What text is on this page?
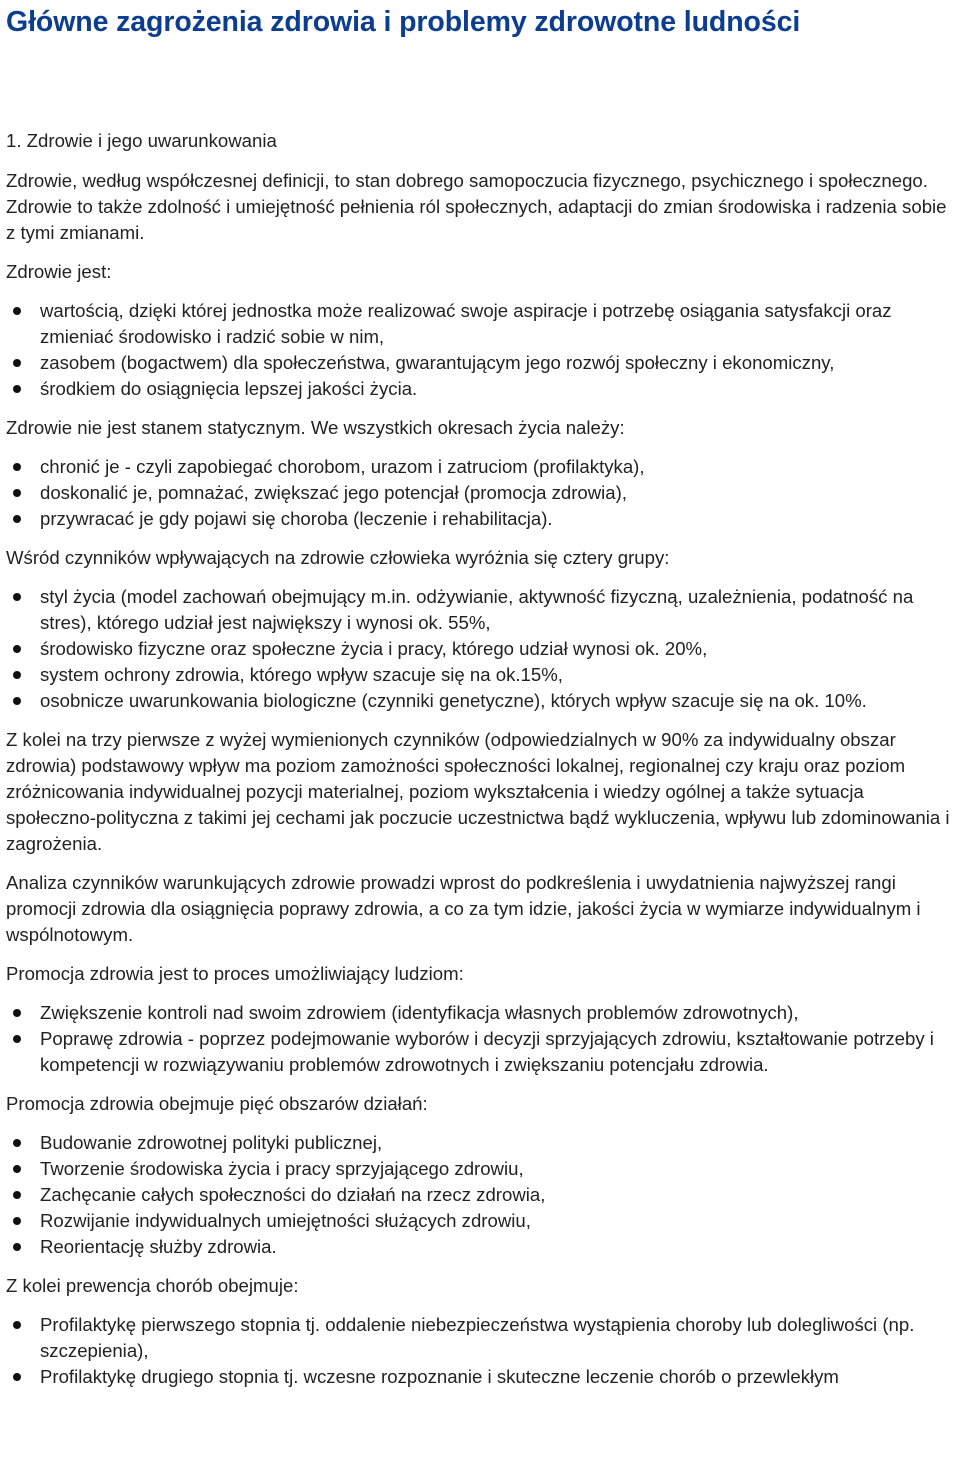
Główne zagrożenia zdrowia i problemy zdrowotne ludności
1. Zdrowie i jego uwarunkowania

Zdrowie, według współczesnej definicji, to stan dobrego samopoczucia fizycznego, psychicznego i społecznego. Zdrowie to także zdolność i umiejętność pełnienia ról społecznych, adaptacji do zmian środowiska i radzenia sobie z tymi zmianami.

Zdrowie jest:

wartością, dzięki której jednostka może realizować swoje aspiracje i potrzebę osiągania satysfakcji oraz zmieniać środowisko i radzić sobie w nim,
zasobem (bogactwem) dla społeczeństwa, gwarantującym jego rozwój społeczny i ekonomiczny,
środkiem do osiągnięcia lepszej jakości życia.

Zdrowie nie jest stanem statycznym. We wszystkich okresach życia należy:

chronić je - czyli zapobiegać chorobom, urazom i zatruciom (profilaktyka),
doskonalić je, pomnażać, zwiększać jego potencjał (promocja zdrowia),
przywracać je gdy pojawi się choroba (leczenie i rehabilitacja).

Wśród czynników wpływających na zdrowie człowieka wyróżnia się cztery grupy:

styl życia (model zachowań obejmujący m.in. odżywianie, aktywność fizyczną, uzależnienia, podatność na stres), którego udział jest największy i wynosi ok. 55%,
środowisko fizyczne oraz społeczne życia i pracy, którego udział wynosi ok. 20%,
system ochrony zdrowia, którego wpływ szacuje się na ok.15%,
osobnicze uwarunkowania biologiczne (czynniki genetyczne), których wpływ szacuje się na ok. 10%.

Z kolei na trzy pierwsze z wyżej wymienionych czynników (odpowiedzialnych w 90% za indywidualny obszar zdrowia) podstawowy wpływ ma poziom zamożności społeczności lokalnej, regionalnej czy kraju oraz poziom zróżnicowania indywidualnej pozycji materialnej, poziom wykształcenia i wiedzy ogólnej a także sytuacja społeczno-polityczna z takimi jej cechami jak poczucie uczestnictwa bądź wykluczenia, wpływu lub zdominowania i zagrożenia.

Analiza czynników warunkujących zdrowie prowadzi wprost do podkreślenia i uwydatnienia najwyższej rangi promocji zdrowia dla osiągnięcia poprawy zdrowia, a co za tym idzie, jakości życia w wymiarze indywidualnym i wspólnotowym.

Promocja zdrowia jest to proces umożliwiający ludziom:

Zwiększenie kontroli nad swoim zdrowiem (identyfikacja własnych problemów zdrowotnych),
Poprawę zdrowia - poprzez podejmowanie wyborów i decyzji sprzyjających zdrowiu, kształtowanie potrzeby i kompetencji w rozwiązywaniu problemów zdrowotnych i zwiększaniu potencjału zdrowia.

Promocja zdrowia obejmuje pięć obszarów działań:

Budowanie zdrowotnej polityki publicznej,
Tworzenie środowiska życia i pracy sprzyjającego zdrowiu,
Zachęcanie całych społeczności do działań na rzecz zdrowia,
Rozwijanie indywidualnych umiejętności służących zdrowiu,
Reorientację służby zdrowia.

Z kolei prewencja chorób obejmuje:

Profilaktykę pierwszego stopnia tj. oddalenie niebezpieczeństwa wystąpienia choroby lub dolegliwości (np. szczepienia),
Profilaktykę drugiego stopnia tj. wczesne rozpoznanie i skuteczne leczenie chorób o przewlekłym
